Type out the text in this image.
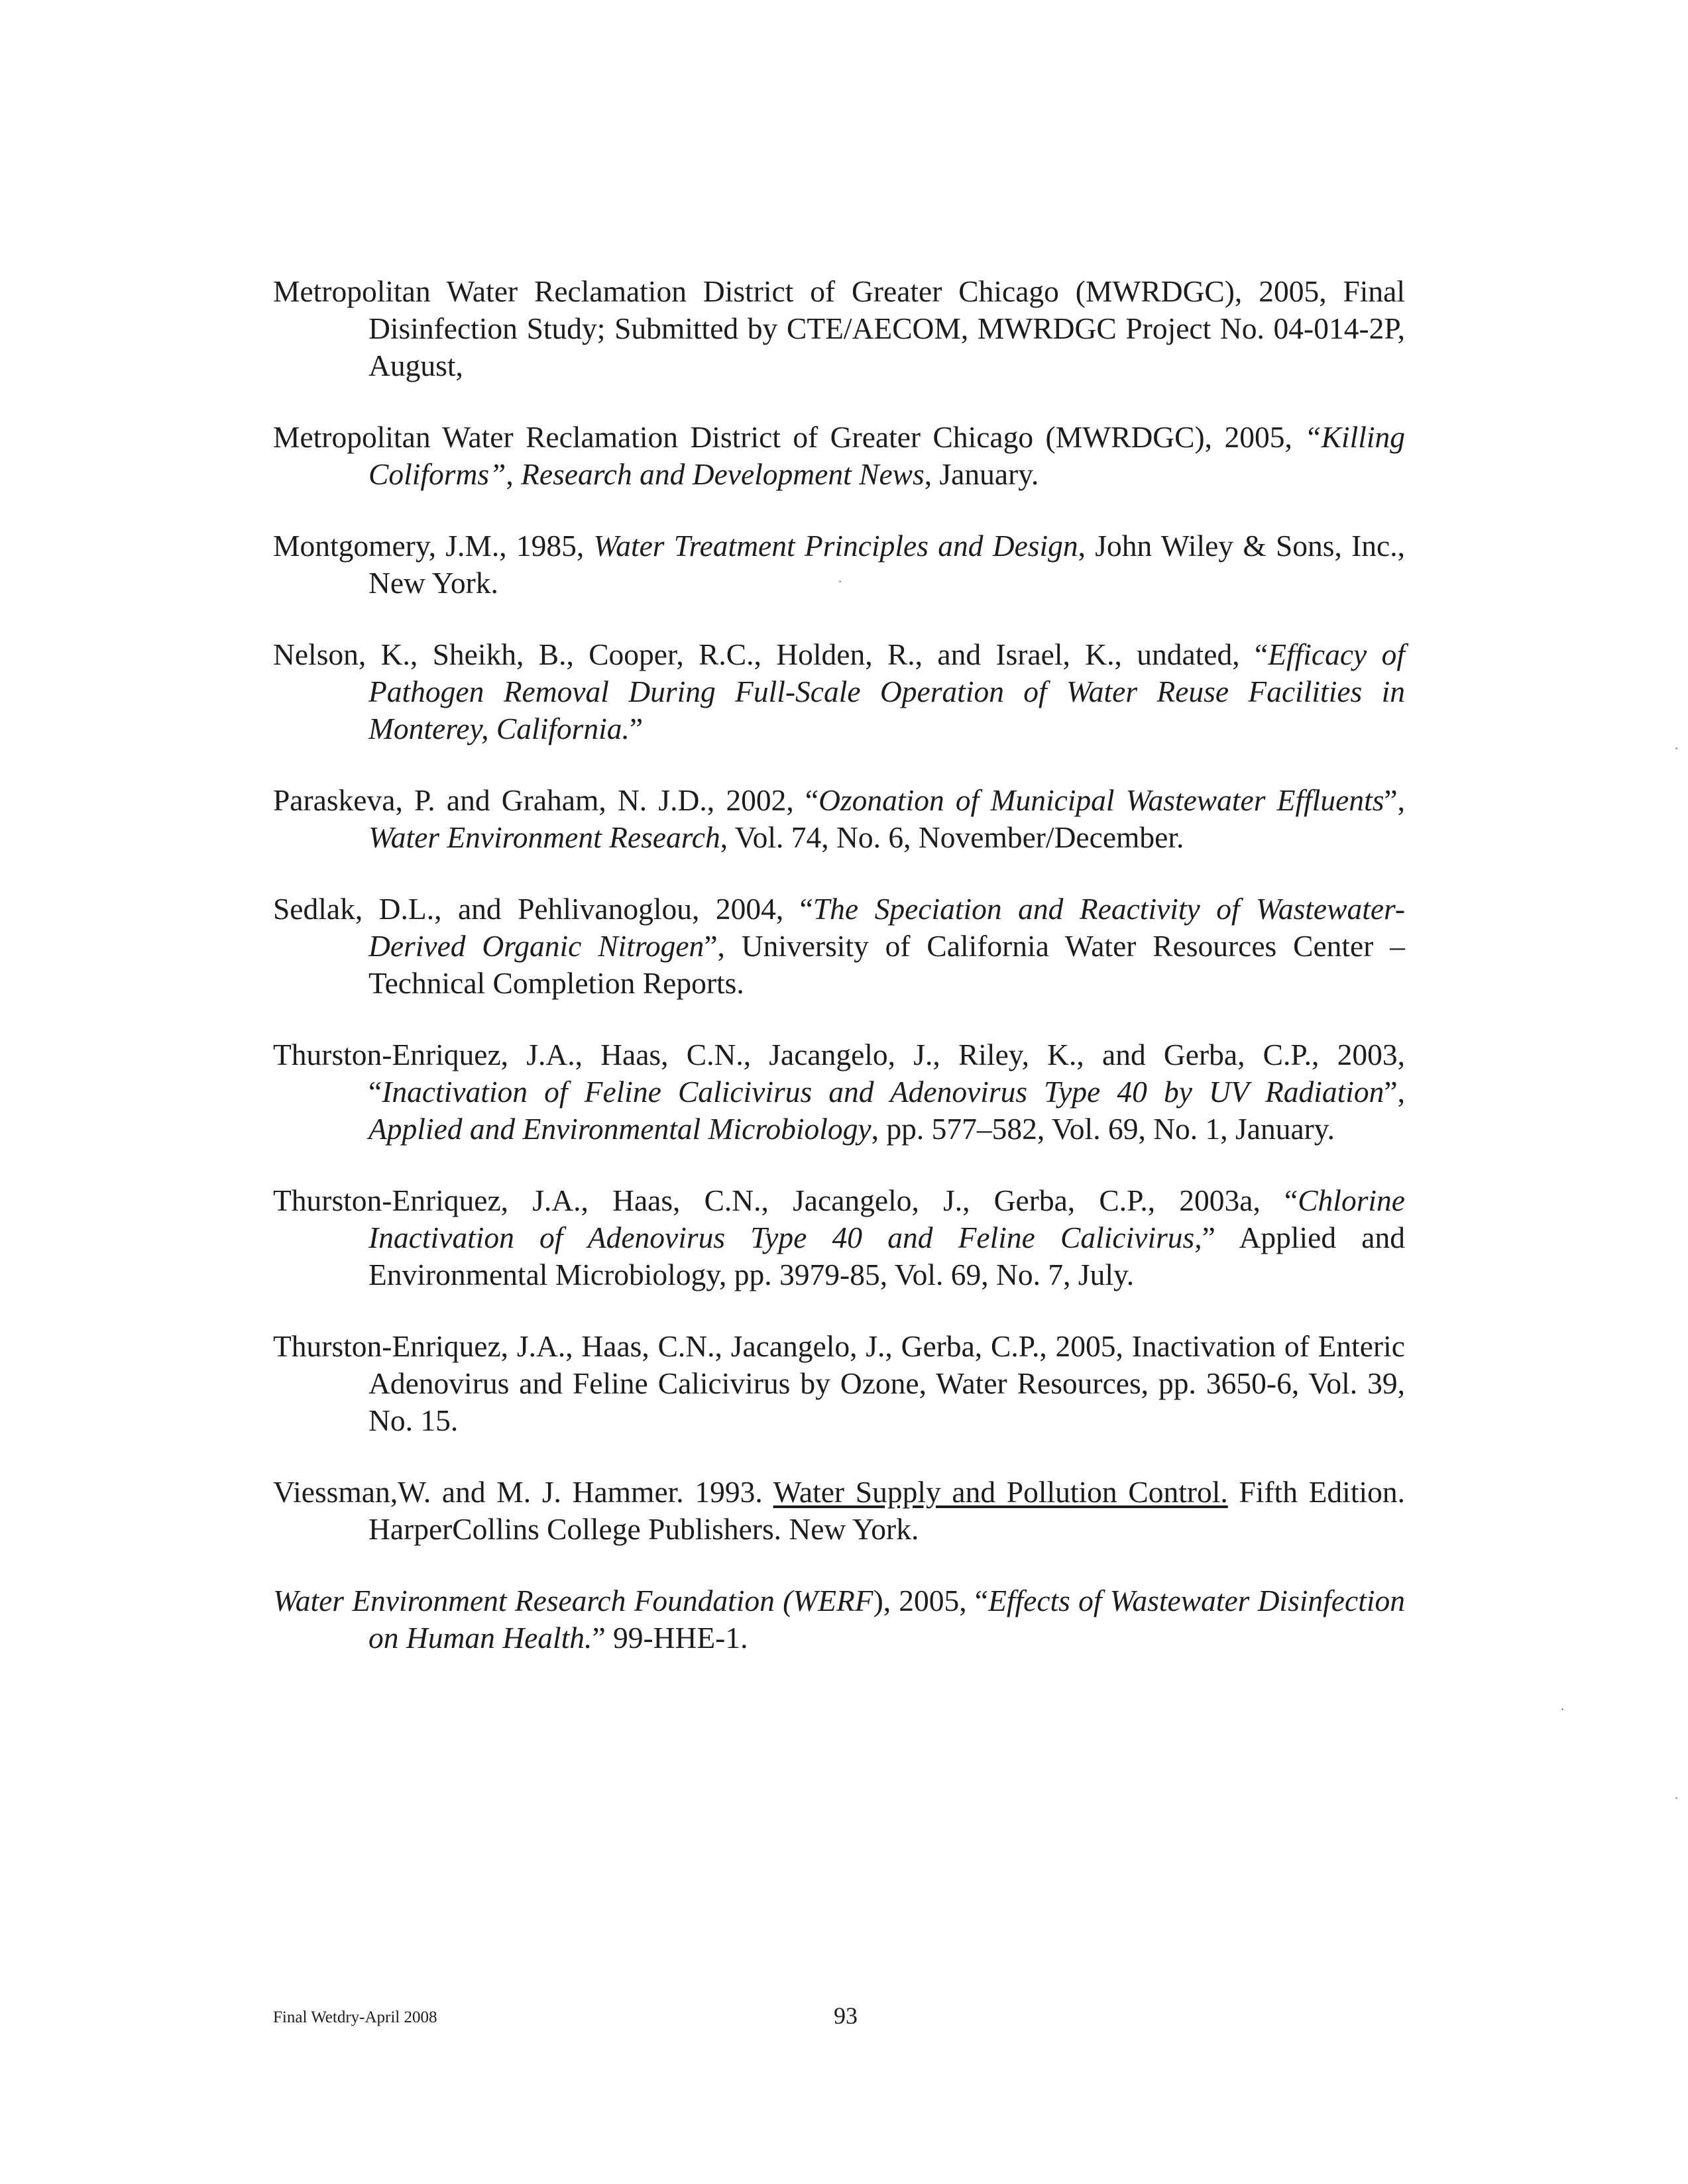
Metropolitan Water Reclamation District of Greater Chicago (MWRDGC), 2005, Final Disinfection Study; Submitted by CTE/AECOM, MWRDGC Project No. 04-014-2P, August,

Metropolitan Water Reclamation District of Greater Chicago (MWRDGC), 2005, “Killing Coliforms”, Research and Development News, January.

Montgomery, J.M., 1985, Water Treatment Principles and Design, John Wiley & Sons, Inc., New York.

Nelson, K., Sheikh, B., Cooper, R.C., Holden, R., and Israel, K., undated, “Efficacy of Pathogen Removal During Full-Scale Operation of Water Reuse Facilities in Monterey, California.”

Paraskeva, P. and Graham, N. J.D., 2002, “Ozonation of Municipal Wastewater Effluents”, Water Environment Research, Vol. 74, No. 6, November/December.

Sedlak, D.L., and Pehlivanoglou, 2004, “The Speciation and Reactivity of Wastewater-Derived Organic Nitrogen”, University of California Water Resources Center – Technical Completion Reports.

Thurston-Enriquez, J.A., Haas, C.N., Jacangelo, J., Riley, K., and Gerba, C.P., 2003, “Inactivation of Feline Calicivirus and Adenovirus Type 40 by UV Radiation”, Applied and Environmental Microbiology, pp. 577–582, Vol. 69, No. 1, January.

Thurston-Enriquez, J.A., Haas, C.N., Jacangelo, J., Gerba, C.P., 2003a, “Chlorine Inactivation of Adenovirus Type 40 and Feline Calicivirus,” Applied and Environmental Microbiology, pp. 3979-85, Vol. 69, No. 7, July.

Thurston-Enriquez, J.A., Haas, C.N., Jacangelo, J., Gerba, C.P., 2005, Inactivation of Enteric Adenovirus and Feline Calicivirus by Ozone, Water Resources, pp. 3650-6, Vol. 39, No. 15.

Viessman,W. and M. J. Hammer. 1993. Water Supply and Pollution Control. Fifth Edition. HarperCollins College Publishers. New York.

Water Environment Research Foundation (WERF), 2005, “Effects of Wastewater Disinfection on Human Health.” 99-HHE-1.

Final Wetdry-April 2008	93
